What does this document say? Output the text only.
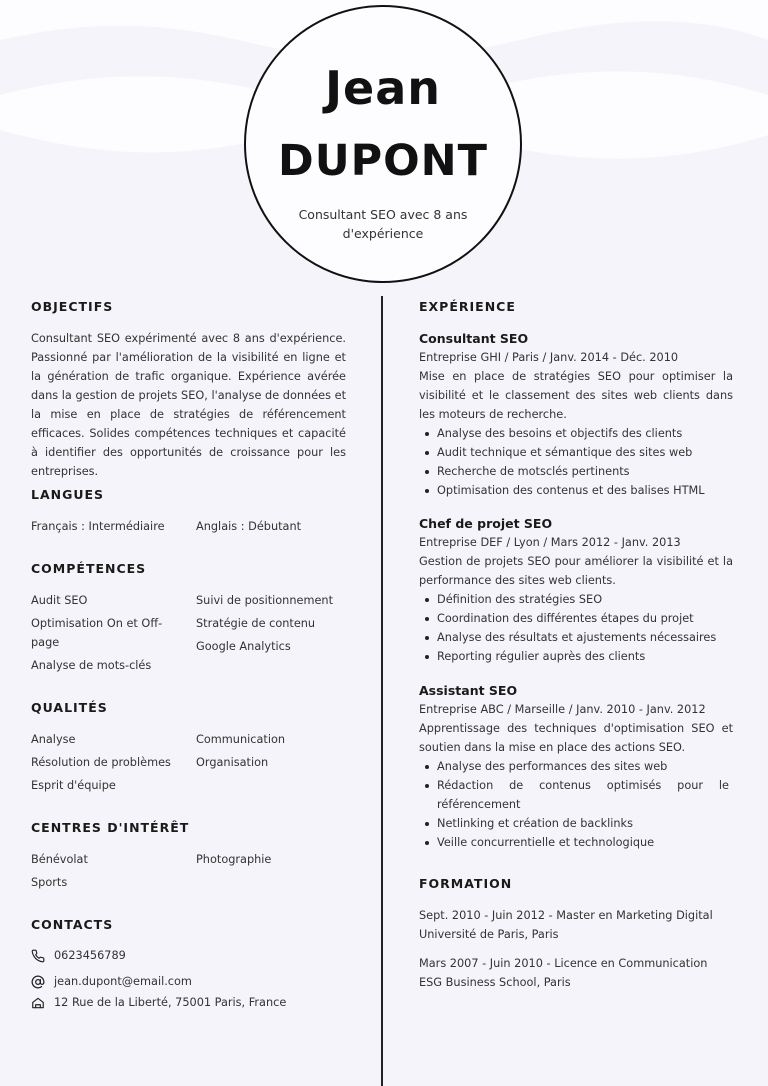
Jean
DUPONT
Consultant SEO avec 8 ans d'expérience
OBJECTIFS

Consultant SEO expérimenté avec 8 ans d'expérience. Passionné par l'amélioration de la visibilité en ligne et la génération de trafic organique. Expérience avérée dans la gestion de projets SEO, l'analyse de données et la mise en place de stratégies de référencement efficaces. Solides compétences techniques et capacité à identifier des opportunités de croissance pour les entreprises.

LANGUES
Français : Intermédiaire	Anglais : Débutant
COMPÉTENCES
Audit SEO
Optimisation On et Off-page
Analyse de mots-clés
Suivi de positionnement
Stratégie de contenu
Google Analytics
QUALITÉS
Analyse
Résolution de problèmes
Esprit d'équipe
Communication
Organisation
CENTRES D'INTÉRÊT
Bénévolat
Sports
Photographie
CONTACTS
0623456789
jean.dupont@email.com
12 Rue de la Liberté, 75001 Paris, France
EXPÉRIENCE
Consultant SEO
Entreprise GHI / Paris / Janv. 2014 - Déc. 2010

Mise en place de stratégies SEO pour optimiser la visibilité et le classement des sites web clients dans les moteurs de recherche.

Analyse des besoins et objectifs des clients
Audit technique et sémantique des sites web
Recherche de motsclés pertinents
Optimisation des contenus et des balises HTML
Chef de projet SEO
Entreprise DEF / Lyon / Mars 2012 - Janv. 2013

Gestion de projets SEO pour améliorer la visibilité et la performance des sites web clients.

Définition des stratégies SEO
Coordination des différentes étapes du projet
Analyse des résultats et ajustements nécessaires
Reporting régulier auprès des clients
Assistant SEO
Entreprise ABC / Marseille / Janv. 2010 - Janv. 2012

Apprentissage des techniques d'optimisation SEO et soutien dans la mise en place des actions SEO.

Analyse des performances des sites web
Rédaction de contenus optimisés pour le référencement
Netlinking et création de backlinks
Veille concurrentielle et technologique
FORMATION
Sept. 2010 - Juin 2012 - Master en Marketing Digital
Université de Paris, Paris
Mars 2007 - Juin 2010 - Licence en Communication
ESG Business School, Paris
